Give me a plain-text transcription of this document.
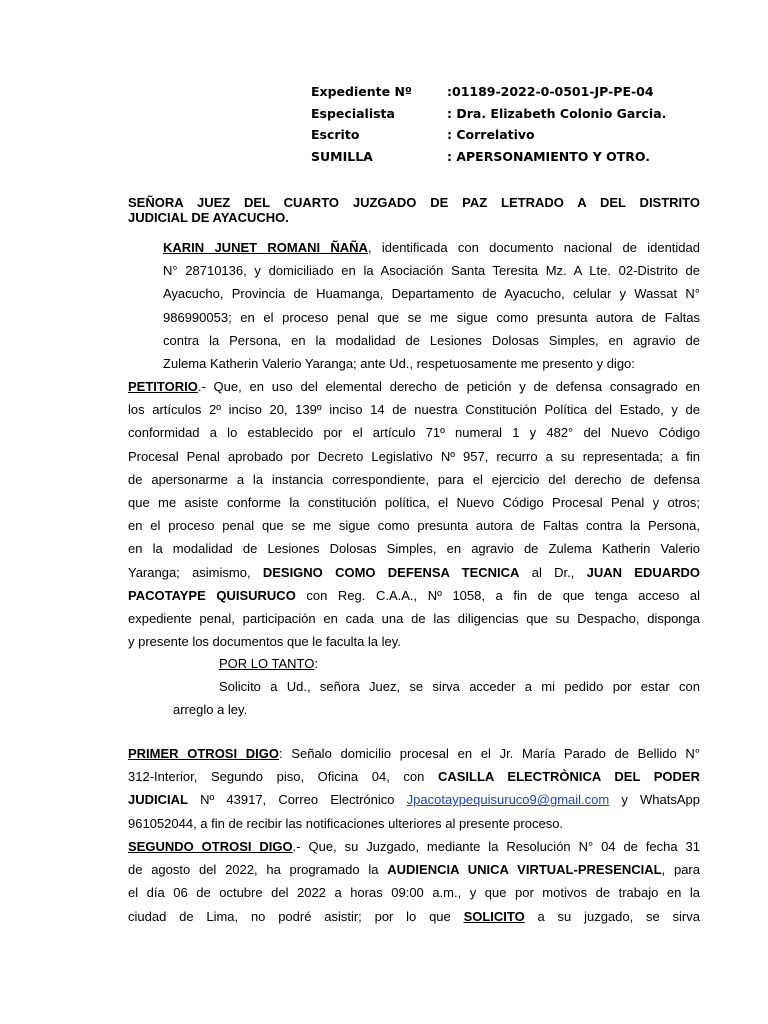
Expediente Nº	:01189-2022-0-0501-JP-PE-04
Especialista	: Dra. Elizabeth Colonio Garcia.
Escrito	: Correlativo
SUMILLA	: APERSONAMIENTO Y OTRO.
SEÑORA JUEZ DEL CUARTO JUZGADO DE PAZ LETRADO A DEL DISTRITO
JUDICIAL DE AYACUCHO.
KARIN JUNET ROMANI ÑAÑA, identificada con documento nacional de identidad
N° 28710136, y domiciliado en la Asociación Santa Teresita Mz. A Lte. 02-Distrito de
Ayacucho, Provincia de Huamanga, Departamento de Ayacucho, celular y Wassat N°
986990053; en el proceso penal que se me sigue como presunta autora de Faltas
contra la Persona, en la modalidad de Lesiones Dolosas Simples, en agravio de
Zulema Katherin Valerio Yaranga; ante Ud., respetuosamente me presento y digo:
PETITORIO.- Que, en uso del elemental derecho de petición y de defensa consagrado en
los artículos 2º inciso 20, 139º inciso 14 de nuestra Constitución Política del Estado, y de
conformidad a lo establecido por el artículo 71º numeral 1 y 482° del Nuevo Código
Procesal Penal aprobado por Decreto Legislativo Nº 957, recurro a su representada; a fin
de apersonarme a la instancia correspondiente, para el ejercicio del derecho de defensa
que me asiste conforme la constitución política, el Nuevo Código Procesal Penal y otros;
en el proceso penal que se me sigue como presunta autora de Faltas contra la Persona,
en la modalidad de Lesiones Dolosas Simples, en agravio de Zulema Katherin Valerio
Yaranga; asimismo, DESIGNO COMO DEFENSA TECNICA al Dr., JUAN EDUARDO
PACOTAYPE QUISURUCO con Reg. C.A.A., Nº 1058, a fin de que tenga acceso al
expediente penal, participación en cada una de las diligencias que su Despacho, disponga
y presente los documentos que le faculta la ley.
POR LO TANTO:
Solicito a Ud., señora Juez, se sirva acceder a mi pedido por estar con
arreglo a ley.
PRIMER OTROSI DIGO: Señalo domicilio procesal en el Jr. María Parado de Bellido N°
312-Interior, Segundo piso, Oficina 04, con CASILLA ELECTRÒNICA DEL PODER
JUDICIAL Nº 43917, Correo Electrónico Jpacotaypequisuruco9@gmail.com y WhatsApp
961052044, a fin de recibir las notificaciones ulteriores al presente proceso.
SEGUNDO OTROSI DIGO.- Que, su Juzgado, mediante la Resolución N° 04 de fecha 31
de agosto del 2022, ha programado la AUDIENCIA UNICA VIRTUAL-PRESENCIAL, para
el día 06 de octubre del 2022 a horas 09:00 a.m., y que por motivos de trabajo en la
ciudad de Lima, no podré asistir; por lo que SOLICITO a su juzgado, se sirva
